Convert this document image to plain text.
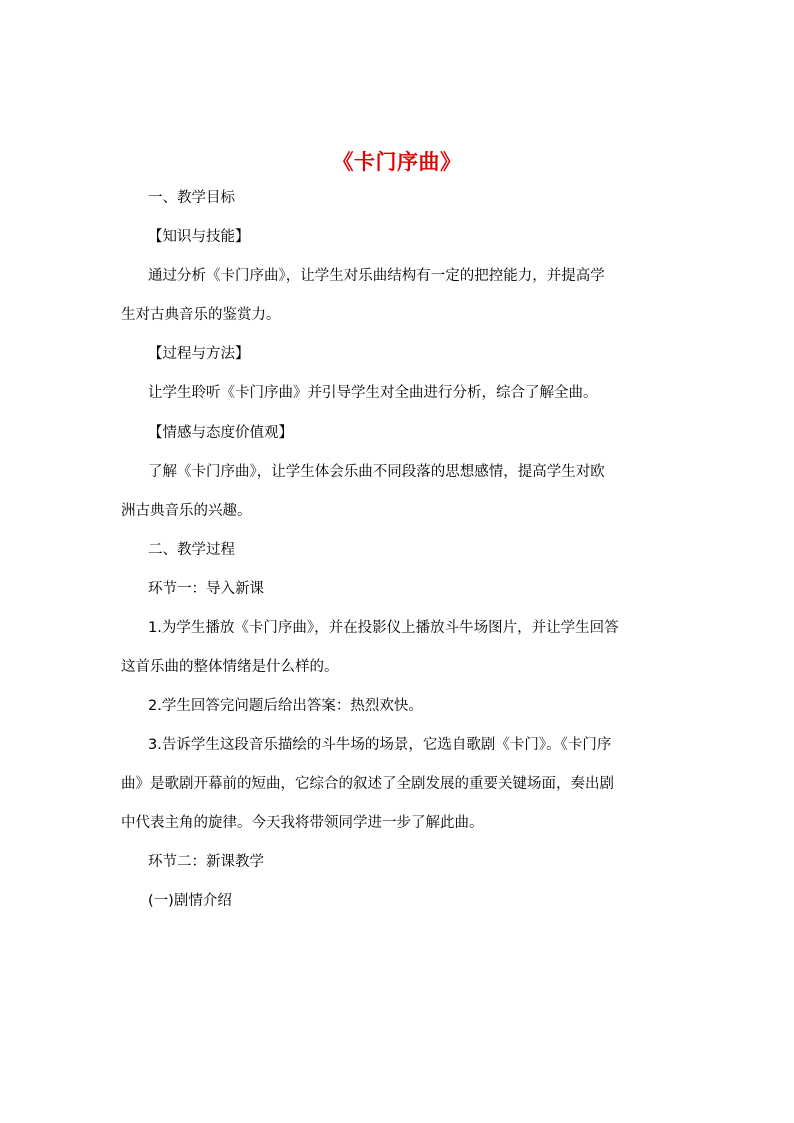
《卡门序曲》
一、教学目标
【知识与技能】
通过分析《卡门序曲》，让学生对乐曲结构有一定的把控能力，并提高学
生对古典音乐的鉴赏力。
【过程与方法】
让学生聆听《卡门序曲》并引导学生对全曲进行分析，综合了解全曲。
【情感与态度价值观】
了解《卡门序曲》，让学生体会乐曲不同段落的思想感情，提高学生对欧
洲古典音乐的兴趣。
二、教学过程
环节一：导入新课
1.为学生播放《卡门序曲》，并在投影仪上播放斗牛场图片，并让学生回答
这首乐曲的整体情绪是什么样的。
2.学生回答完问题后给出答案：热烈欢快。
3.告诉学生这段音乐描绘的斗牛场的场景，它选自歌剧《卡门》。《卡门序
曲》是歌剧开幕前的短曲，它综合的叙述了全剧发展的重要关键场面，奏出剧
中代表主角的旋律。今天我将带领同学进一步了解此曲。
环节二：新课教学
(一)剧情介绍
